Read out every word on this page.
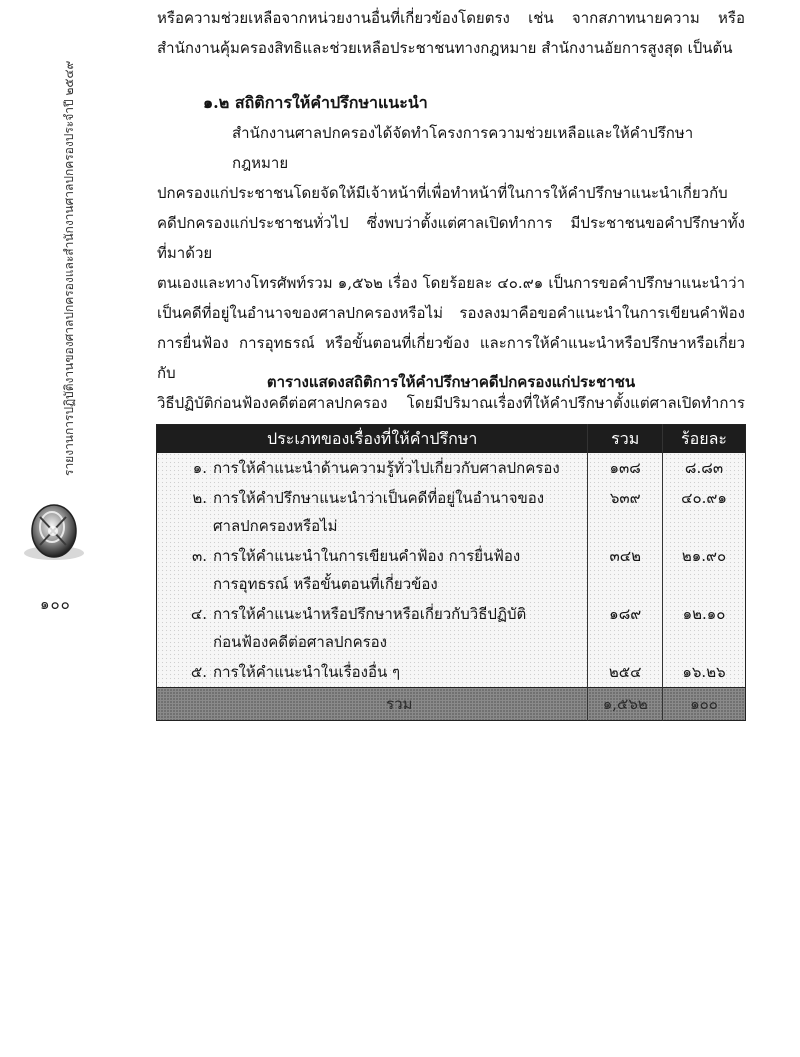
รายงานการปฏิบัติงานของศาลปกครองและสำนักงานศาลปกครองประจำปี ๒๕๔๙
๑๐๐
หรือความช่วยเหลือจากหน่วยงานอื่นที่เกี่ยวข้องโดยตรง เช่น จากสภาทนายความ หรือ
สำนักงานคุ้มครองสิทธิและช่วยเหลือประชาชนทางกฎหมาย สำนักงานอัยการสูงสุด เป็นต้น
๑.๒ สถิติการให้คำปรึกษาแนะนำ
สำนักงานศาลปกครองได้จัดทำโครงการความช่วยเหลือและให้คำปรึกษากฎหมาย
ปกครองแก่ประชาชนโดยจัดให้มีเจ้าหน้าที่เพื่อทำหน้าที่ในการให้คำปรึกษาแนะนำเกี่ยวกับ
คดีปกครองแก่ประชาชนทั่วไป ซึ่งพบว่าตั้งแต่ศาลเปิดทำการ มีประชาชนขอคำปรึกษาทั้งที่มาด้วย
ตนเองและทางโทรศัพท์รวม ๑,๕๖๒ เรื่อง โดยร้อยละ ๔๐.๙๑ เป็นการขอคำปรึกษาแนะนำว่า
เป็นคดีที่อยู่ในอำนาจของศาลปกครองหรือไม่ รองลงมาคือขอคำแนะนำในการเขียนคำฟ้อง
การยื่นฟ้อง การอุทธรณ์ หรือขั้นตอนที่เกี่ยวข้อง และการให้คำแนะนำหรือปรึกษาหรือเกี่ยวกับ
วิธีปฏิบัติก่อนฟ้องคดีต่อศาลปกครอง โดยมีปริมาณเรื่องที่ให้คำปรึกษาตั้งแต่ศาลเปิดทำการ
ตารางแสดงสถิติการให้คำปรึกษาคดีปกครองแก่ประชาชน
ประเภทของเรื่องที่ให้คำปรึกษา	รวม	ร้อยละ

๑. การให้คำแนะนำด้านความรู้ทั่วไปเกี่ยวกับศาลปกครอง	๑๓๘	๘.๘๓

๒. การให้คำปรึกษาแนะนำว่าเป็นคดีที่อยู่ในอำนาจของ
ศาลปกครองหรือไม่	๖๓๙	๔๐.๙๑

๓. การให้คำแนะนำในการเขียนคำฟ้อง การยื่นฟ้อง
การอุทธรณ์ หรือขั้นตอนที่เกี่ยวข้อง	๓๔๒	๒๑.๙๐

๔. การให้คำแนะนำหรือปรึกษาหรือเกี่ยวกับวิธีปฏิบัติ
ก่อนฟ้องคดีต่อศาลปกครอง	๑๘๙	๑๒.๑๐

๕. การให้คำแนะนำในเรื่องอื่น ๆ	๒๕๔	๑๖.๒๖
รวม	๑,๕๖๒	๑๐๐
